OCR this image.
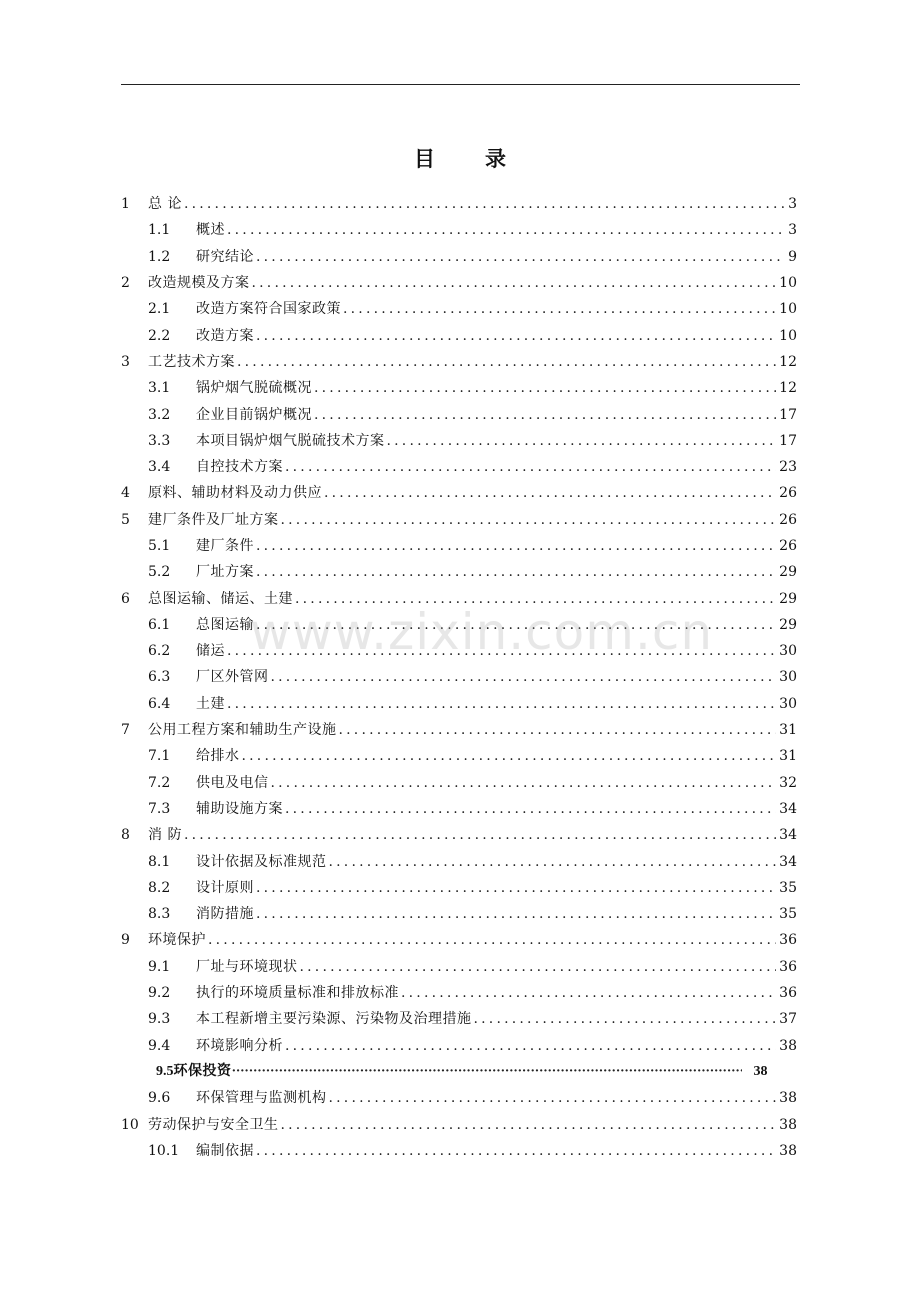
目 录
1	总 论 .....	3
1.1	概述 .....	3
1.2	研究结论 .....	9
2	改造规模及方案 .....	10
2.1	改造方案符合国家政策 .....	10
2.2	改造方案 .....	10
3	工艺技术方案 .....	12
3.1	锅炉烟气脱硫概况 .....	12
3.2	企业目前锅炉概况 .....	17
3.3	本项目锅炉烟气脱硫技术方案 .....	17
3.4	自控技术方案 .....	23
4	原料、辅助材料及动力供应 .....	26
5	建厂条件及厂址方案 .....	26
5.1	建厂条件 .....	26
5.2	厂址方案 .....	29
6	总图运输、储运、土建 .....	29
6.1	总图运输 .....	29
6.2	储运 .....	30
6.3	厂区外管网 .....	30
6.4	土建 .....	30
7	公用工程方案和辅助生产设施 .....	31
7.1	给排水 .....	31
7.2	供电及电信 .....	32
7.3	辅助设施方案 .....	34
8	消 防 .....	34
8.1	设计依据及标准规范 .....	34
8.2	设计原则 .....	35
8.3	消防措施 .....	35
9	环境保护 .....	36
9.1	厂址与环境现状 .....	36
9.2	执行的环境质量标准和排放标准 .....	36
9.3	本工程新增主要污染源、污染物及治理措施 .....	37
9.4	环境影响分析 .....	38
9.5 环保投资 ·····	38
9.6	环保管理与监测机构 .....	38
10 劳动保护与安全卫生 .....	38
10.1	编制依据 .....	38
www.zixin.com.cn
